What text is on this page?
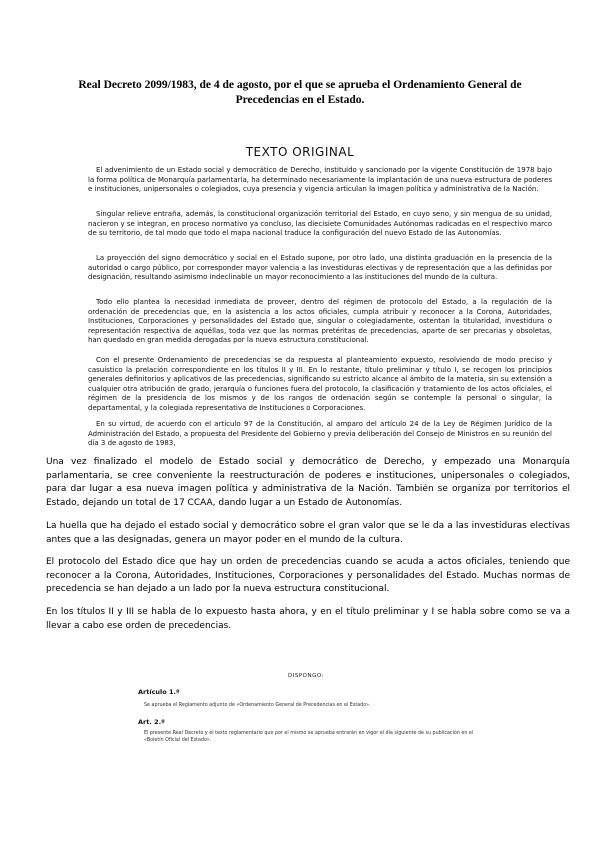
Real Decreto 2099/1983, de 4 de agosto, por el que se aprueba el Ordenamiento General de Precedencias en el Estado.
TEXTO ORIGINAL

El advenimiento de un Estado social y democrático de Derecho, instituido y sancionado por la vigente Constitución de 1978 bajo la forma política de Monarquía parlamentaria, ha determinado necesariamente la implantación de una nueva estructura de poderes e instituciones, unipersonales o colegiados, cuya presencia y vigencia articulan la imagen política y administrativa de la Nación.

Singular relieve entraña, además, la constitucional organización territorial del Estado, en cuyo seno, y sin mengua de su unidad, nacieron y se integran, en proceso normativo ya concluso, las diecisiete Comunidades Autónomas radicadas en el respectivo marco de su territorio, de tal modo que todo el mapa nacional traduce la configuración del nuevo Estado de las Autonomías.

La proyección del signo democrático y social en el Estado supone, por otro lado, una distinta graduación en la presencia de la autoridad o cargo público, por corresponder mayor valencia a las investiduras electivas y de representación que a las definidas por designación, resultando asimismo indeclinable un mayor reconocimiento a las instituciones del mundo de la cultura.

Todo ello plantea la necesidad inmediata de proveer, dentro del régimen de protocolo del Estado, a la regulación de la ordenación de precedencias que, en la asistencia a los actos oficiales, cumpla atribuir y reconocer a la Corona, Autoridades, Instituciones, Corporaciones y personalidades del Estado que, singular o colegiadamente, ostentan la titularidad, investidura o representación respectiva de aquéllas, toda vez que las normas pretéritas de precedencias, aparte de ser precarias y obsoletas, han quedado en gran medida derogadas por la nueva estructura constitucional.

Con el presente Ordenamiento de precedencias se da respuesta al planteamiento expuesto, resolviendo de modo preciso y casuístico la prelación correspondiente en los títulos II y III. En lo restante, título preliminar y título I, se recogen los principios generales definitorios y aplicativos de las precedencias, significando su estricto alcance al ámbito de la materia, sin su extensión a cualquier otra atribución de grado, jerarquía o funciones fuera del protocolo, la clasificación y tratamiento de los actos oficiales, el régimen de la presidencia de los mismos y de los rangos de ordenación según se contemple la personal o singular, la departamental, y la colegiada representativa de Instituciones o Corporaciones.

En su virtud, de acuerdo con el artículo 97 de la Constitución, al amparo del artículo 24 de la Ley de Régimen Jurídico de la Administración del Estado, a propuesta del Presidente del Gobierno y previa deliberación del Consejo de Ministros en su reunión del día 3 de agosto de 1983,

Una vez finalizado el modelo de Estado social y democrático de Derecho, y empezado una Monarquía parlamentaria, se cree conveniente la reestructuración de poderes e instituciones, unipersonales o colegiados, para dar lugar a esa nueva imagen política y administrativa de la Nación. También se organiza por territorios el Estado, dejando un total de 17 CCAA, dando lugar a un Estado de Autonomías.

La huella que ha dejado el estado social y democrático sobre el gran valor que se le da a las investiduras electivas antes que a las designadas, genera un mayor poder en el mundo de la cultura.

El protocolo del Estado dice que hay un orden de precedencias cuando se acuda a actos oficiales, teniendo que reconocer a la Corona, Autoridades, Instituciones, Corporaciones y personalidades del Estado. Muchas normas de precedencia se han dejado a un lado por la nueva estructura constitucional.

En los títulos II y III se habla de lo expuesto hasta ahora, y en el título preliminar y I se habla sobre como se va a llevar a cabo ese orden de precedencias.

DISPONGO:
Artículo 1.º

Se aprueba el Reglamento adjunto de «Ordenamiento General de Precedencias en el Estado».

Art. 2.º

El presente Real Decreto y el texto reglamentario que por el mismo se aprueba entrarán en vigor el día siguiente de su publicación en el «Boletín Oficial del Estado».
